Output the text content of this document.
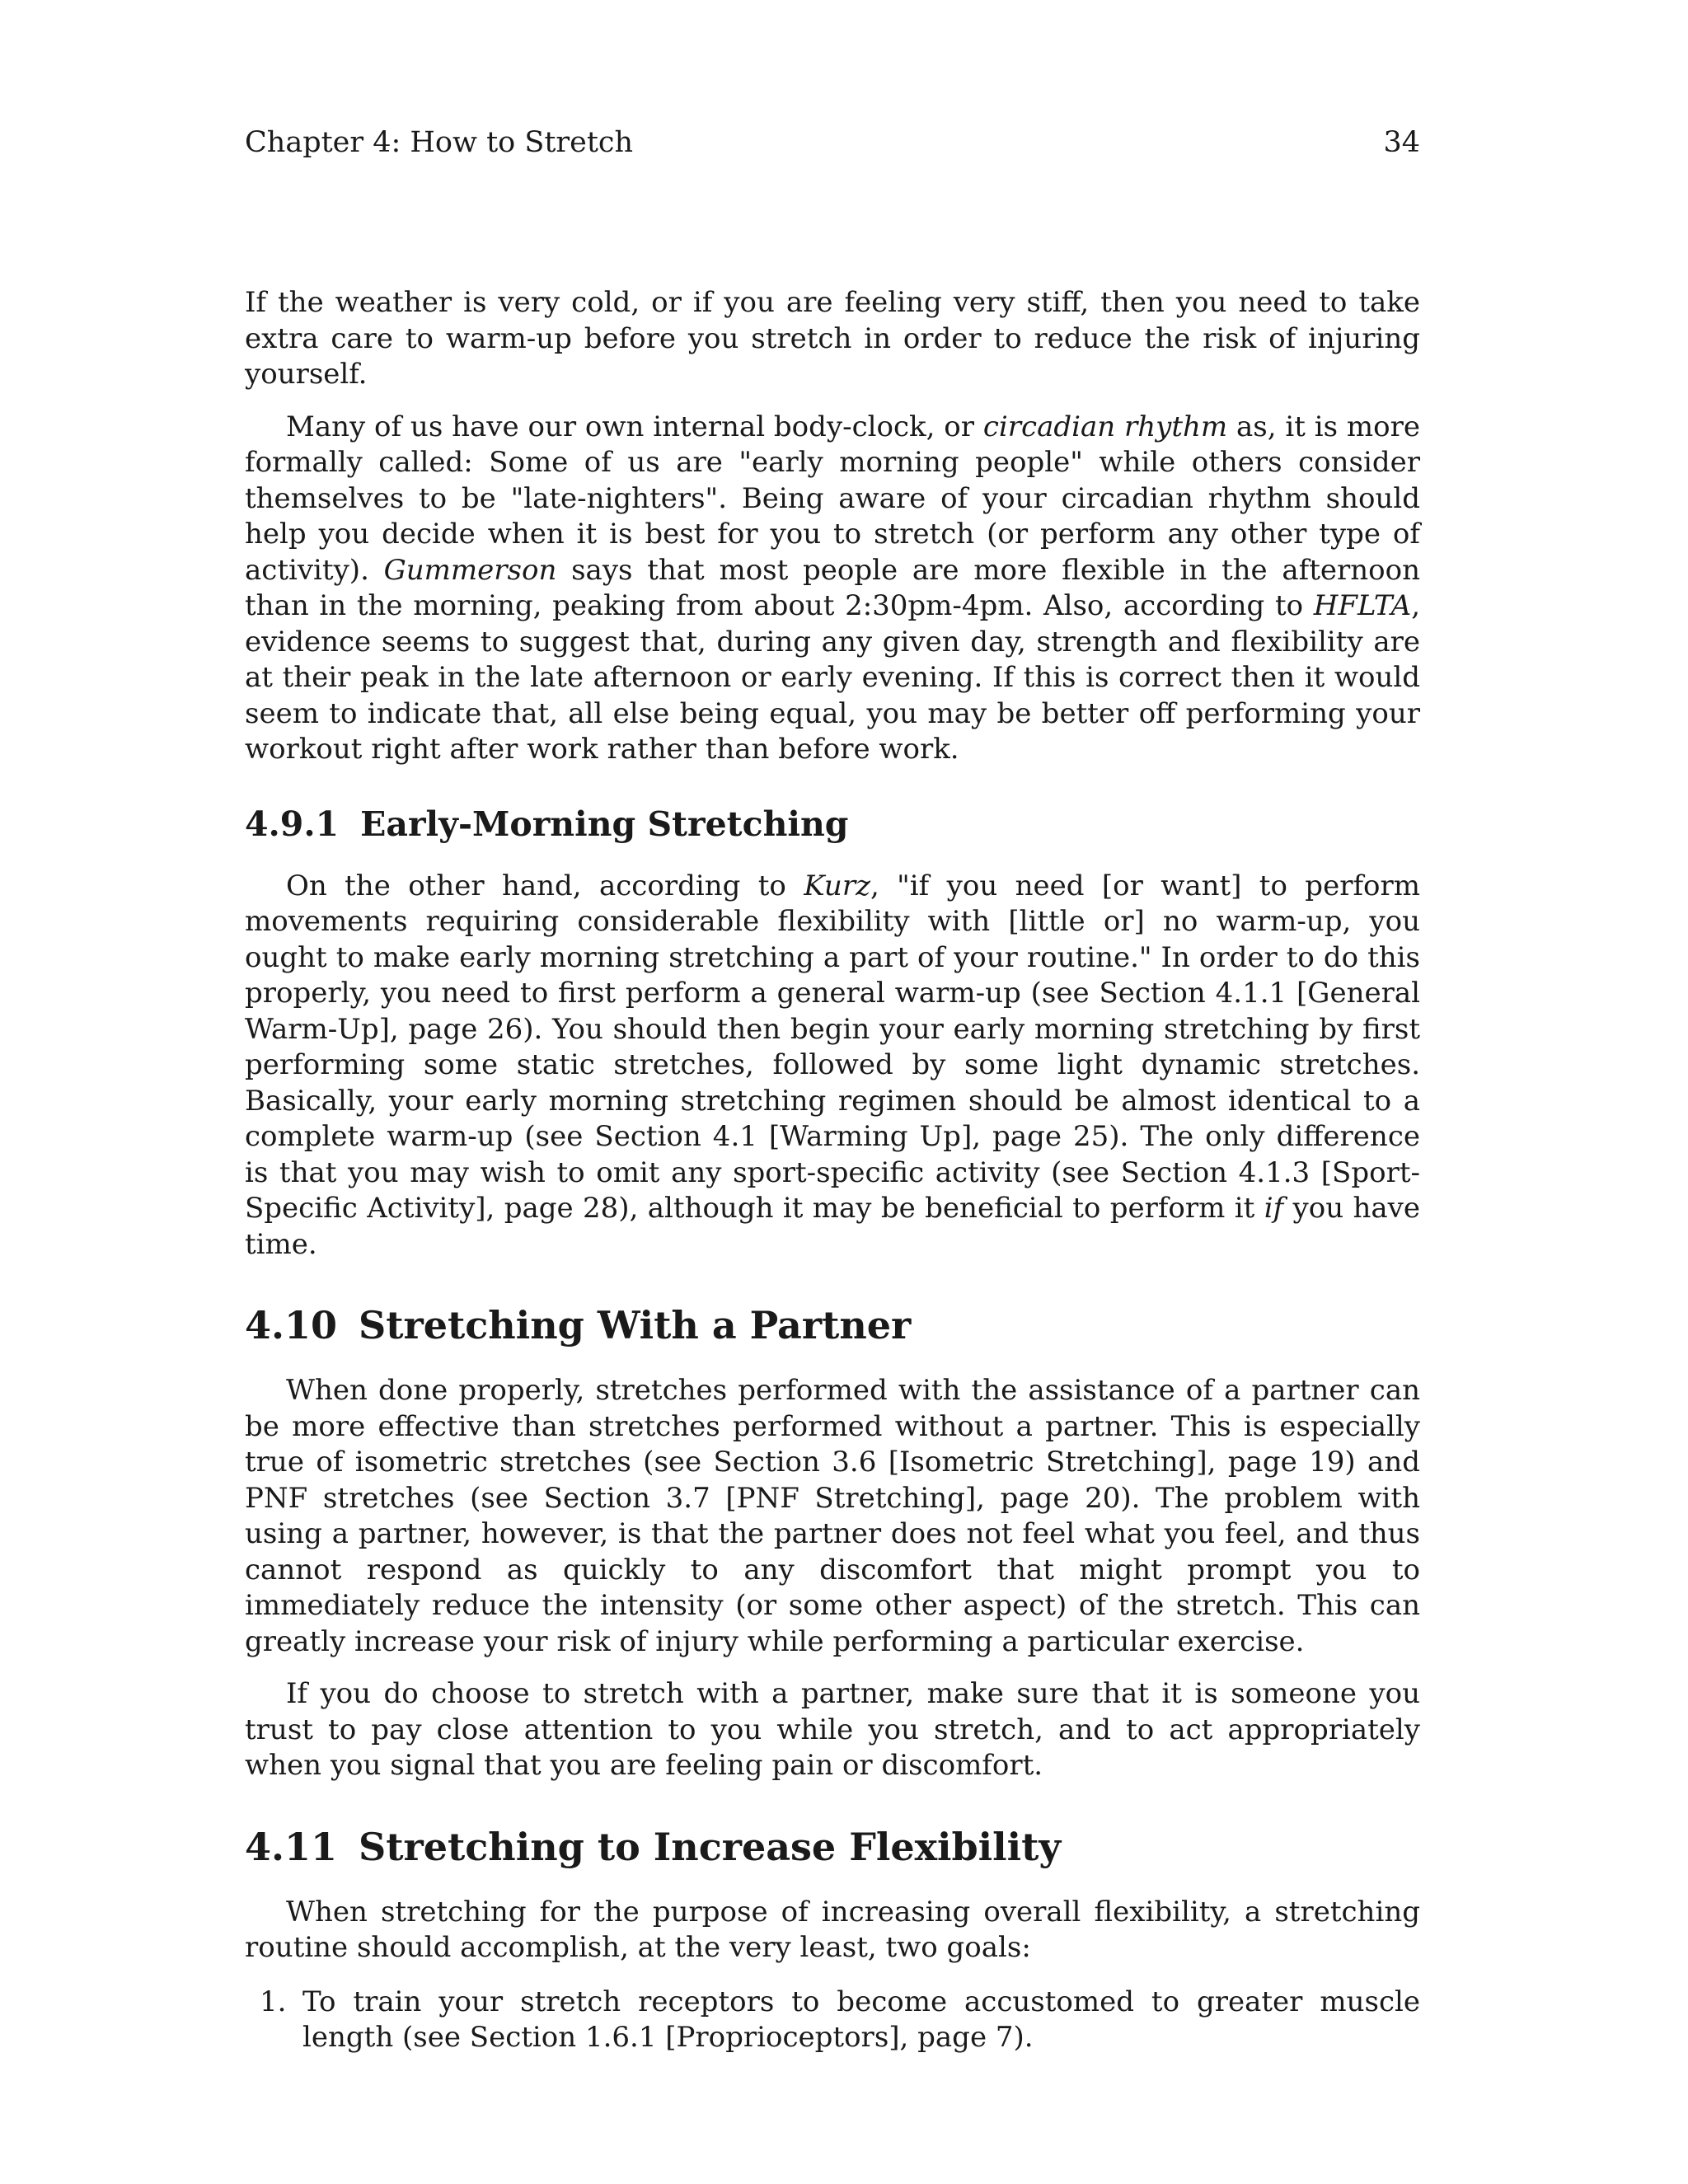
Chapter 4: How to Stretch	34

If the weather is very cold, or if you are feeling very stiff, then you need to take extra care to warm-up before you stretch in order to reduce the risk of injuring yourself.

Many of us have our own internal body-clock, or circadian rhythm as, it is more formally called: Some of us are "early morning people" while others consider themselves to be "late-nighters". Being aware of your circadian rhythm should help you decide when it is best for you to stretch (or perform any other type of activity). Gummerson says that most people are more flexible in the afternoon than in the morning, peaking from about 2:30pm-4pm. Also, according to HFLTA, evidence seems to suggest that, during any given day, strength and flexibility are at their peak in the late afternoon or early evening. If this is correct then it would seem to indicate that, all else being equal, you may be better off performing your workout right after work rather than before work.

4.9.1 Early-Morning Stretching

On the other hand, according to Kurz, "if you need [or want] to perform movements requiring considerable flexibility with [little or] no warm-up, you ought to make early morning stretching a part of your routine." In order to do this properly, you need to first perform a general warm-up (see Section 4.1.1 [General Warm-Up], page 26). You should then begin your early morning stretching by first performing some static stretches, followed by some light dynamic stretches. Basically, your early morning stretching regimen should be almost identical to a complete warm-up (see Section 4.1 [Warming Up], page 25). The only difference is that you may wish to omit any sport-specific activity (see Section 4.1.3 [Sport-Specific Activity], page 28), although it may be beneficial to perform it if you have time.

4.10 Stretching With a Partner

When done properly, stretches performed with the assistance of a partner can be more effective than stretches performed without a partner. This is especially true of isometric stretches (see Section 3.6 [Isometric Stretching], page 19) and PNF stretches (see Section 3.7 [PNF Stretching], page 20). The problem with using a partner, however, is that the partner does not feel what you feel, and thus cannot respond as quickly to any discomfort that might prompt you to immediately reduce the intensity (or some other aspect) of the stretch. This can greatly increase your risk of injury while performing a particular exercise.

If you do choose to stretch with a partner, make sure that it is someone you trust to pay close attention to you while you stretch, and to act appropriately when you signal that you are feeling pain or discomfort.

4.11 Stretching to Increase Flexibility

When stretching for the purpose of increasing overall flexibility, a stretching routine should accomplish, at the very least, two goals:

1. To train your stretch receptors to become accustomed to greater muscle length (see Section 1.6.1 [Proprioceptors], page 7).
